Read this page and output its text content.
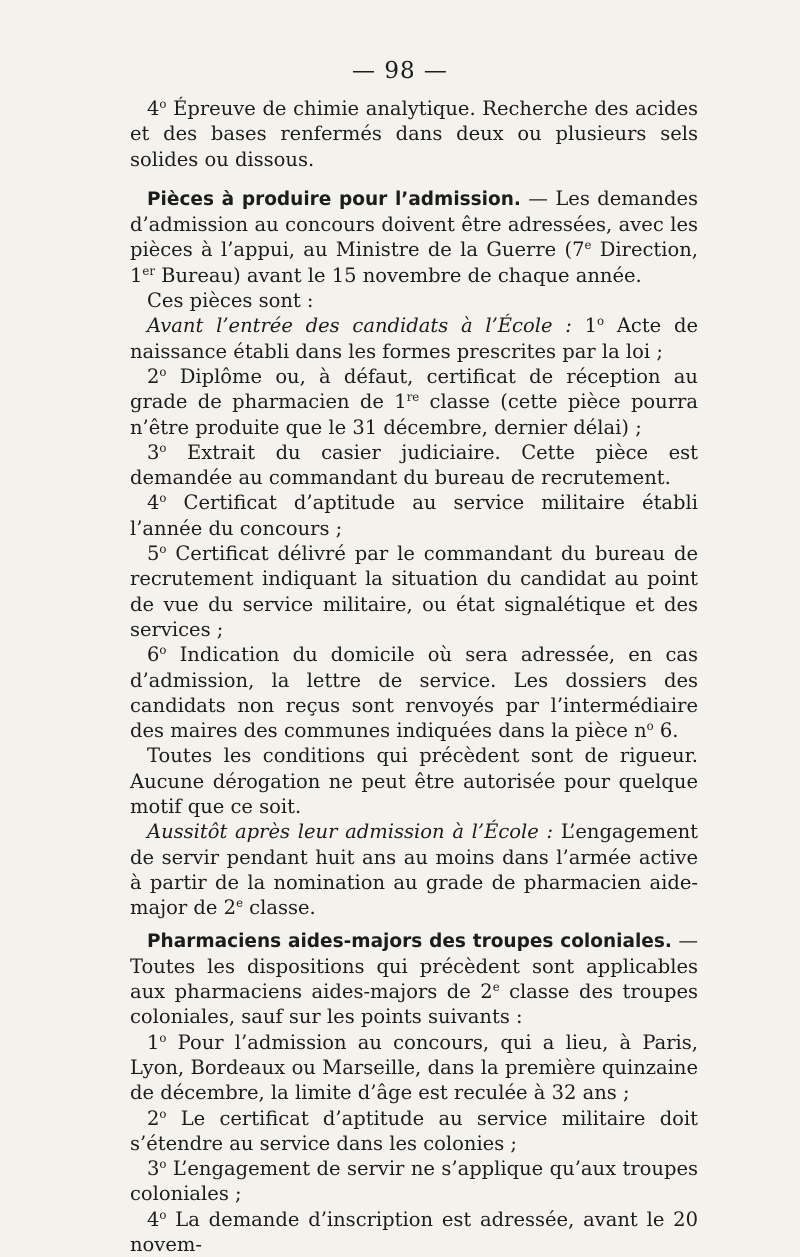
— 98 —

4$^o$ Épreuve de chimie analytique. Recherche des acides et des bases renfermés dans deux ou plusieurs sels solides ou dissous.

Pièces à produire pour l’admission. — Les demandes d’admission au concours doivent être adressées, avec les pièces à l’appui, au Ministre de la Guerre (7e Direction, 1er Bureau) avant le 15 novembre de chaque année.

Ces pièces sont :

Avant l’entrée des candidats à l’École : 1$^o$ Acte de naissance établi dans les formes prescrites par la loi ;

2$^o$ Diplôme ou, à défaut, certificat de réception au grade de pharmacien de 1re classe (cette pièce pourra n’être produite que le 31 décembre, dernier délai) ;

3$^o$ Extrait du casier judiciaire. Cette pièce est demandée au commandant du bureau de recrutement.

4$^o$ Certificat d’aptitude au service militaire établi l’année du concours ;

5$^o$ Certificat délivré par le commandant du bureau de recrutement indiquant la situation du candidat au point de vue du service militaire, ou état signalétique et des services ;

6$^o$ Indication du domicile où sera adressée, en cas d’admission, la lettre de service. Les dossiers des candidats non reçus sont renvoyés par l’intermédiaire des maires des communes indiquées dans la pièce $n^o$ 6.

Toutes les conditions qui précèdent sont de rigueur. Aucune dérogation ne peut être autorisée pour quelque motif que ce soit.

Aussitôt après leur admission à l’École : L’engagement de servir pendant huit ans au moins dans l’armée active à partir de la nomination au grade de pharmacien aide-major de 2e classe.

Pharmaciens aides-majors des troupes coloniales. — Toutes les dispositions qui précèdent sont applicables aux pharmaciens aides-majors de 2e classe des troupes coloniales, sauf sur les points suivants :

1$^o$ Pour l’admission au concours, qui a lieu, à Paris, Lyon, Bordeaux ou Marseille, dans la première quinzaine de décembre, la limite d’âge est reculée à 32 ans ;

2$^o$ Le certificat d’aptitude au service militaire doit s’étendre au service dans les colonies ;

3$^o$ L’engagement de servir ne s’applique qu’aux troupes coloniales ;

4$^o$ La demande d’inscription est adressée, avant le 20 novem-
